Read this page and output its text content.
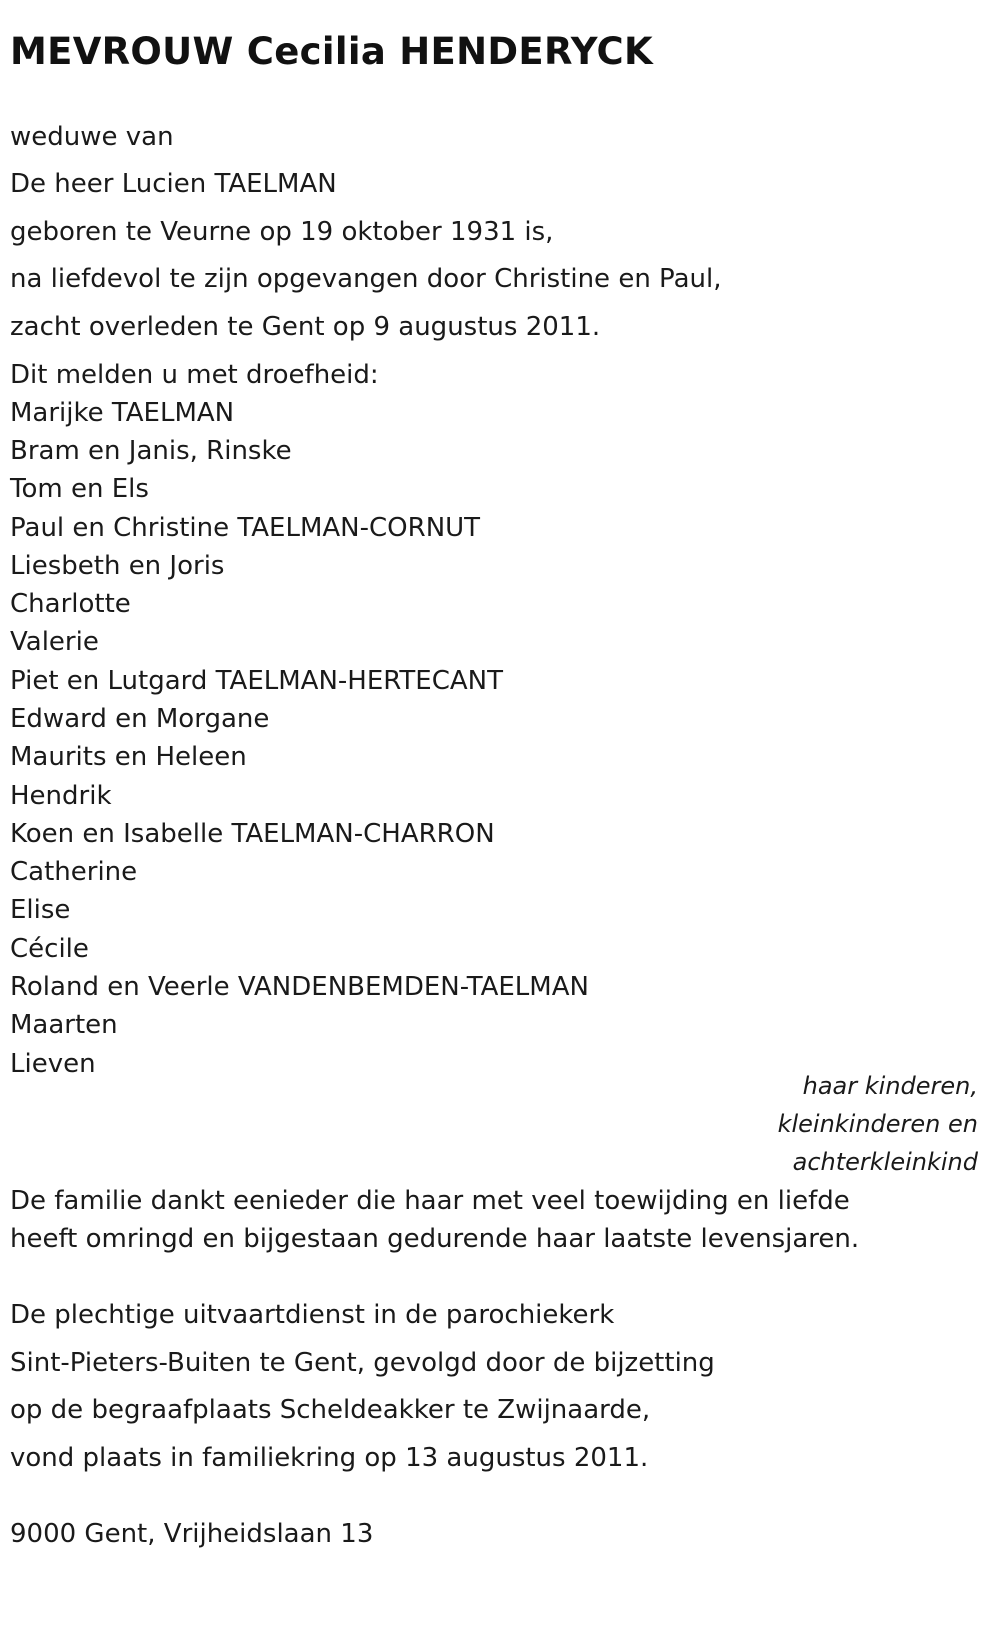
MEVROUW Cecilia HENDERYCK

weduwe van

De heer Lucien TAELMAN

geboren te Veurne op 19 oktober 1931 is,

na liefdevol te zijn opgevangen door Christine en Paul,

zacht overleden te Gent op 9 augustus 2011.

Dit melden u met droefheid:

Marijke TAELMAN

Bram en Janis, Rinske

Tom en Els

Paul en Christine TAELMAN-CORNUT

Liesbeth en Joris

Charlotte

Valerie

Piet en Lutgard TAELMAN-HERTECANT

Edward en Morgane

Maurits en Heleen

Hendrik

Koen en Isabelle TAELMAN-CHARRON

Catherine

Elise

Cécile

Roland en Veerle VANDENBEMDEN-TAELMAN

Maarten

Lieven

haar kinderen,

kleinkinderen en

achterkleinkind

De familie dankt eenieder die haar met veel toewijding en liefde

heeft omringd en bijgestaan gedurende haar laatste levensjaren.

De plechtige uitvaartdienst in de parochiekerk

Sint-Pieters-Buiten te Gent, gevolgd door de bijzetting

op de begraafplaats Scheldeakker te Zwijnaarde,

vond plaats in familiekring op 13 augustus 2011.

9000 Gent, Vrijheidslaan 13
